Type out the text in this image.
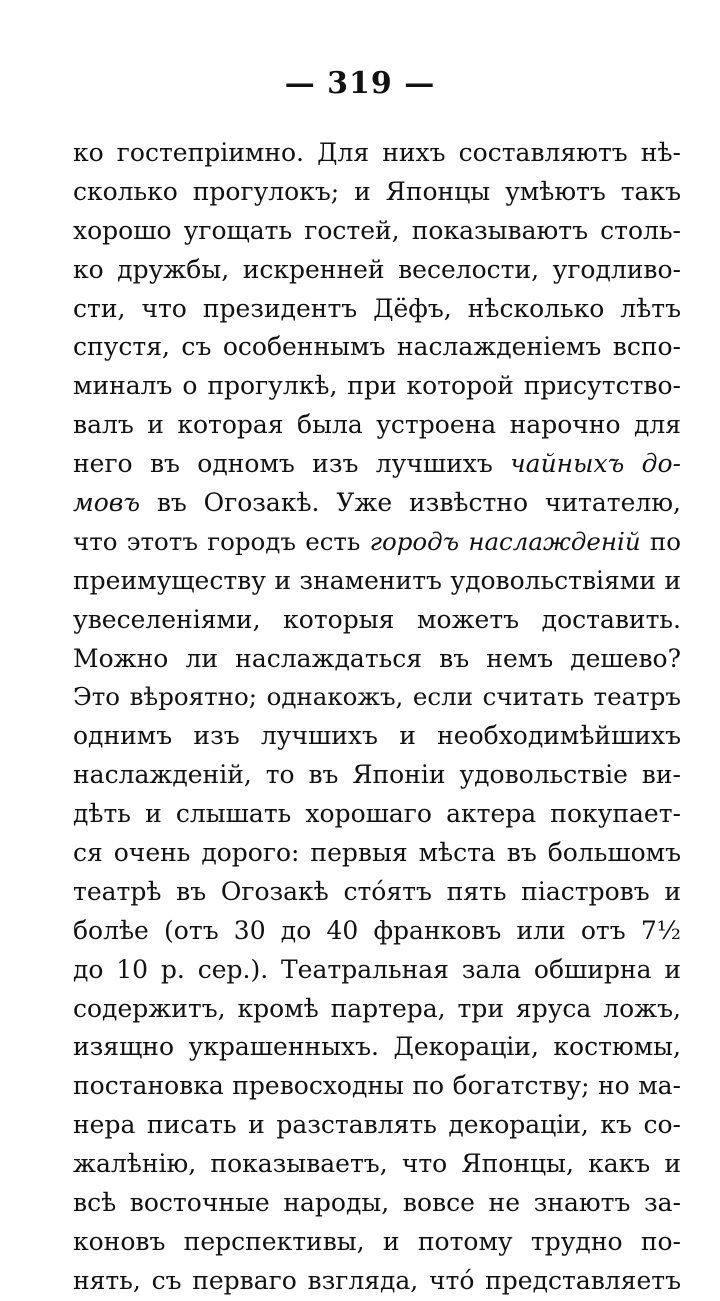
— 319 —
ко гостепріимно. Для нихъ составляютъ нѣ-
сколько прогулокъ; и Японцы умѣютъ такъ
хорошо угощать гостей, показываютъ столь-
ко дружбы, искренней веселости, угодливо-
сти, что президентъ Дёфъ, нѣсколько лѣтъ
спустя, съ особеннымъ наслажденіемъ вспо-
миналъ о прогулкѣ, при которой присутство-
валъ и которая была устроена нарочно для
него въ одномъ изъ лучшихъ чайныхъ до-
мовъ въ Огозакѣ. Уже извѣстно читателю,
что этотъ городъ есть городъ наслажденій по
преимуществу и знаменитъ удовольствіями и
увеселеніями, которыя можетъ доставить.
Можно ли наслаждаться въ немъ дешево?
Это вѣроятно; однакожъ, если считать театръ
однимъ изъ лучшихъ и необходимѣйшихъ
наслажденій, то въ Японіи удовольствіе ви-
дѣть и слышать хорошаго актера покупает-
ся очень дорого: первыя мѣста въ большомъ
театрѣ въ Огозакѣ стóятъ пять піастровъ и
болѣе (отъ 30 до 40 франковъ или отъ 7½
до 10 р. сер.). Театральная зала обширна и
содержитъ, кромѣ партера, три яруса ложъ,
изящно украшенныхъ. Декораціи, костюмы,
постановка превосходны по богатству; но ма-
нера писать и разставлять декораціи, къ со-
жалѣнію, показываетъ, что Японцы, какъ и
всѣ восточные народы, вовсе не знаютъ за-
коновъ перспективы, и потому трудно по-
нять, съ перваго взгляда, чтó представляетъ
